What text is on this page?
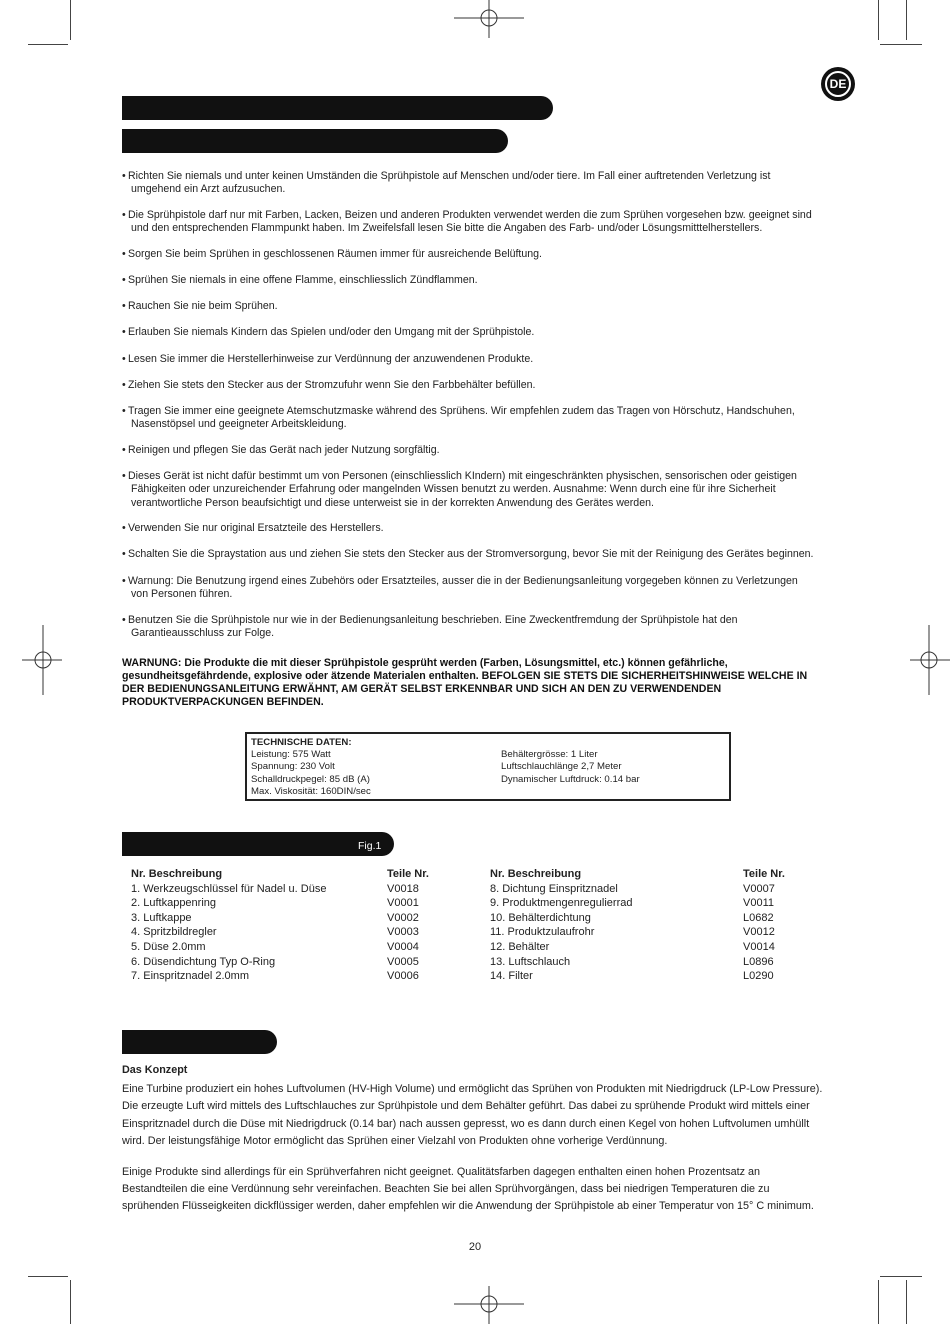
DE
• Richten Sie niemals und unter keinen Umständen die Sprühpistole auf Menschen und/oder tiere. Im Fall einer auftretenden Verletzung ist
umgehend ein Arzt aufzusuchen.
• Die Sprühpistole darf nur mit Farben, Lacken, Beizen und anderen Produkten verwendet werden die zum Sprühen vorgesehen bzw. geeignet sind
und den entsprechenden Flammpunkt haben. Im Zweifelsfall lesen Sie bitte die Angaben des Farb- und/oder Lösungsmitttelherstellers.
• Sorgen Sie beim Sprühen in geschlossenen Räumen immer für ausreichende Belüftung.
• Sprühen Sie niemals in eine offene Flamme, einschliesslich Zündflammen.
• Rauchen Sie nie beim Sprühen.
• Erlauben Sie niemals Kindern das Spielen und/oder den Umgang mit der Sprühpistole.
• Lesen Sie immer die Herstellerhinweise zur Verdünnung der anzuwendenen Produkte.
• Ziehen Sie stets den Stecker aus der Stromzufuhr wenn Sie den Farbbehälter befüllen.
• Tragen Sie immer eine geeignete Atemschutzmaske während des Sprühens. Wir empfehlen zudem das Tragen von Hörschutz, Handschuhen,
Nasenstöpsel und geeigneter Arbeitskleidung.
• Reinigen und pflegen Sie das Gerät nach jeder Nutzung sorgfältig.
• Dieses Gerät ist nicht dafür bestimmt um von Personen (einschliesslich KIndern) mit eingeschränkten physischen, sensorischen oder geistigen
Fähigkeiten oder unzureichender Erfahrung oder mangelnden Wissen benutzt zu werden. Ausnahme: Wenn durch eine für ihre Sicherheit
verantwortliche Person beaufsichtigt und diese unterweist sie in der korrekten Anwendung des Gerätes werden.
• Verwenden Sie nur original Ersatzteile des Herstellers.
• Schalten Sie die Spraystation aus und ziehen Sie stets den Stecker aus der Stromversorgung, bevor Sie mit der Reinigung des Gerätes beginnen.
• Warnung: Die Benutzung irgend eines Zubehörs oder Ersatzteiles, ausser die in der Bedienungsanleitung vorgegeben können zu Verletzungen
von Personen führen.
• Benutzen Sie die Sprühpistole nur wie in der Bedienungsanleitung beschrieben. Eine Zweckentfremdung der Sprühpistole hat den
Garantieausschluss zur Folge.
WARNUNG: Die Produkte die mit dieser Sprühpistole gesprüht werden (Farben, Lösungsmittel, etc.) können gefährliche,
gesundheitsgefährdende, explosive oder ätzende Materialen enthalten. BEFOLGEN SIE STETS DIE SICHERHEITSHINWEISE WELCHE IN
DER BEDIENUNGSANLEITUNG ERWÄHNT, AM GERÄT SELBST ERKENNBAR UND SICH AN DEN ZU VERWENDENDEN
PRODUKTVERPACKUNGEN BEFINDEN.
TECHNISCHE DATEN:
Leistung: 575 Watt
Spannung: 230 Volt
Schalldruckpegel: 85 dB (A)
Max. Viskosität: 160DIN/sec
Behältergrösse: 1 Liter
Luftschlauchlänge 2,7 Meter
Dynamischer Luftdruck: 0.14 bar
Fig.1
Nr. Beschreibung	Teile Nr.
1. Werkzeugschlüssel für Nadel u. Düse	V0018
2. Luftkappenring	V0001
3. Luftkappe	V0002
4. Spritzbildregler	V0003
5. Düse 2.0mm	V0004
6. Düsendichtung Typ O-Ring	V0005
7. Einspritznadel 2.0mm	V0006
Nr. Beschreibung	Teile Nr.
8. Dichtung Einspritznadel	V0007
9. Produktmengenregulierrad	V0011
10. Behälterdichtung	L0682
11. Produktzulaufrohr	V0012
12. Behälter	V0014
13. Luftschlauch	L0896
14. Filter	L0290
Das Konzept

Eine Turbine produziert ein hohes Luftvolumen (HV-High Volume) und ermöglicht das Sprühen von Produkten mit Niedrigdruck (LP-Low Pressure).
Die erzeugte Luft wird mittels des Luftschlauches zur Sprühpistole und dem Behälter geführt. Das dabei zu sprühende Produkt wird mittels einer
Einspritznadel durch die Düse mit Niedrigdruck (0.14 bar) nach aussen gepresst, wo es dann durch einen Kegel von hohen Luftvolumen umhüllt
wird. Der leistungsfähige Motor ermöglicht das Sprühen einer Vielzahl von Produkten ohne vorherige Verdünnung.

Einige Produkte sind allerdings für ein Sprühverfahren nicht geeignet. Qualitätsfarben dagegen enthalten einen hohen Prozentsatz an
Bestandteilen die eine Verdünnung sehr vereinfachen. Beachten Sie bei allen Sprühvorgängen, dass bei niedrigen Temperaturen die zu
sprühenden Flüsseigkeiten dickflüssiger werden, daher empfehlen wir die Anwendung der Sprühpistole ab einer Temperatur von 15° C minimum.

20
